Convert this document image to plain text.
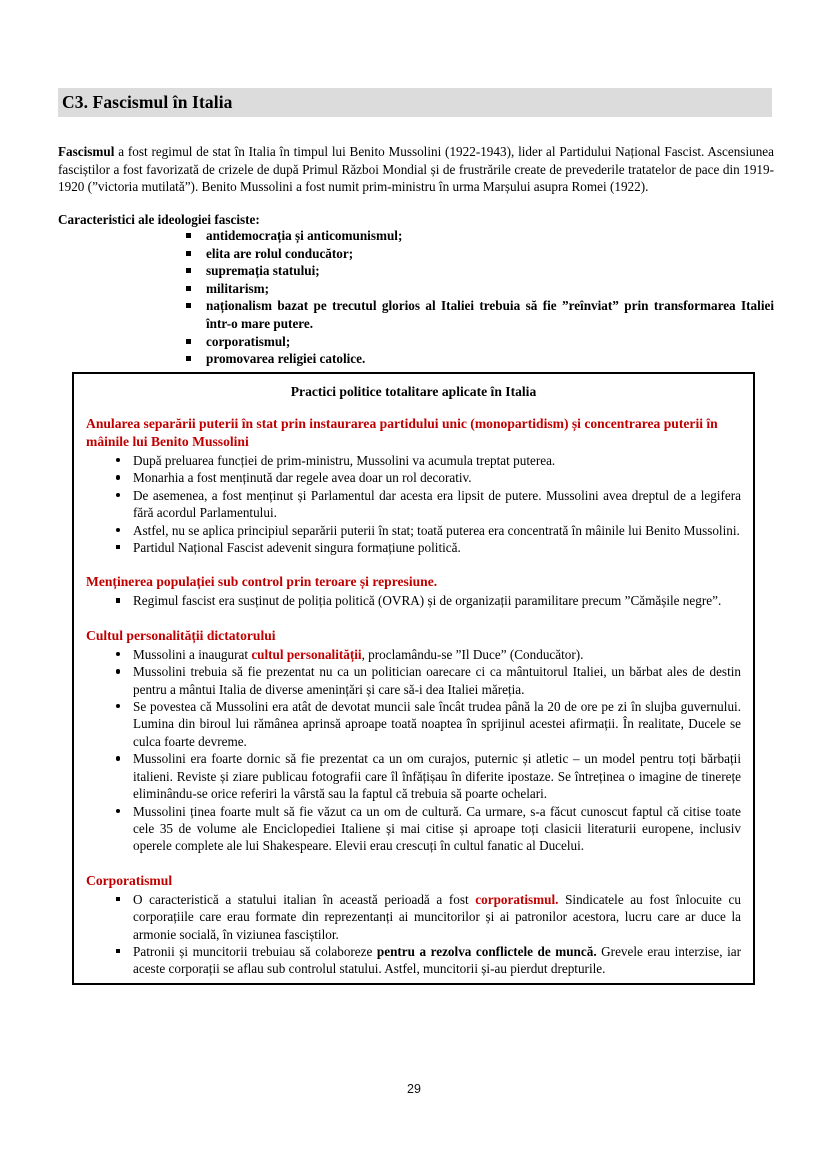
C3. Fascismul în Italia

Fascismul a fost regimul de stat în Italia în timpul lui Benito Mussolini (1922-1943), lider al Partidului Național Fascist. Ascensiunea fasciștilor a fost favorizată de crizele de după Primul Război Mondial și de frustrările create de prevederile tratatelor de pace din 1919-1920 (”victoria mutilată”). Benito Mussolini a fost numit prim-ministru în urma Marșului asupra Romei (1922).

Caracteristici ale ideologiei fasciste:
antidemocrația și anticomunismul;
elita are rolul conducător;
supremația statului;
militarism;
naționalism bazat pe trecutul glorios al Italiei trebuia să fie ”reînviat” prin transformarea Italiei într-o mare putere.
corporatismul;
promovarea religiei catolice.
Practici politice totalitare aplicate în Italia
Anularea separării puterii în stat prin instaurarea partidului unic (monopartidism) și concentrarea puterii în mâinile lui Benito Mussolini
După preluarea funcției de prim-ministru, Mussolini va acumula treptat puterea.
Monarhia a fost menținută dar regele avea doar un rol decorativ.
De asemenea, a fost menținut și Parlamentul dar acesta era lipsit de putere. Mussolini avea dreptul de a legifera fără acordul Parlamentului.
Astfel, nu se aplica principiul separării puterii în stat; toată puterea era concentrată în mâinile lui Benito Mussolini.
Partidul Național Fascist adevenit singura formațiune politică.
Menținerea populației sub control prin teroare și represiune.
Regimul fascist era susținut de poliția politică (OVRA) și de organizații paramilitare precum ”Cămășile negre”.
Cultul personalității dictatorului
Mussolini a inaugurat cultul personalității, proclamându-se ”Il Duce” (Conducător).
Mussolini trebuia să fie prezentat nu ca un politician oarecare ci ca mântuitorul Italiei, un bărbat ales de destin pentru a mântui Italia de diverse amenințări și care să-i dea Italiei măreția.
Se povestea că Mussolini era atât de devotat muncii sale încât trudea până la 20 de ore pe zi în slujba guvernului. Lumina din biroul lui rămânea aprinsă aproape toată noaptea în sprijinul acestei afirmații. În realitate, Ducele se culca foarte devreme.
Mussolini era foarte dornic să fie prezentat ca un om curajos, puternic și atletic – un model pentru toți bărbații italieni. Reviste și ziare publicau fotografii care îl înfățișau în diferite ipostaze. Se întreținea o imagine de tinerețe eliminându-se orice referiri la vârstă sau la faptul că trebuia să poarte ochelari.
Mussolini ținea foarte mult să fie văzut ca un om de cultură. Ca urmare, s-a făcut cunoscut faptul că citise toate cele 35 de volume ale Enciclopediei Italiene și mai citise și aproape toți clasicii literaturii europene, inclusiv operele complete ale lui Shakespeare. Elevii erau crescuți în cultul fanatic al Ducelui.
Corporatismul
O caracteristică a statului italian în această perioadă a fost corporatismul. Sindicatele au fost înlocuite cu corporațiile care erau formate din reprezentanți ai muncitorilor și ai patronilor acestora, lucru care ar duce la armonie socială, în viziunea fasciștilor.
Patronii și muncitorii trebuiau să colaboreze pentru a rezolva conflictele de muncă. Grevele erau interzise, iar aceste corporații se aflau sub controlul statului. Astfel, muncitorii și-au pierdut drepturile.
29
